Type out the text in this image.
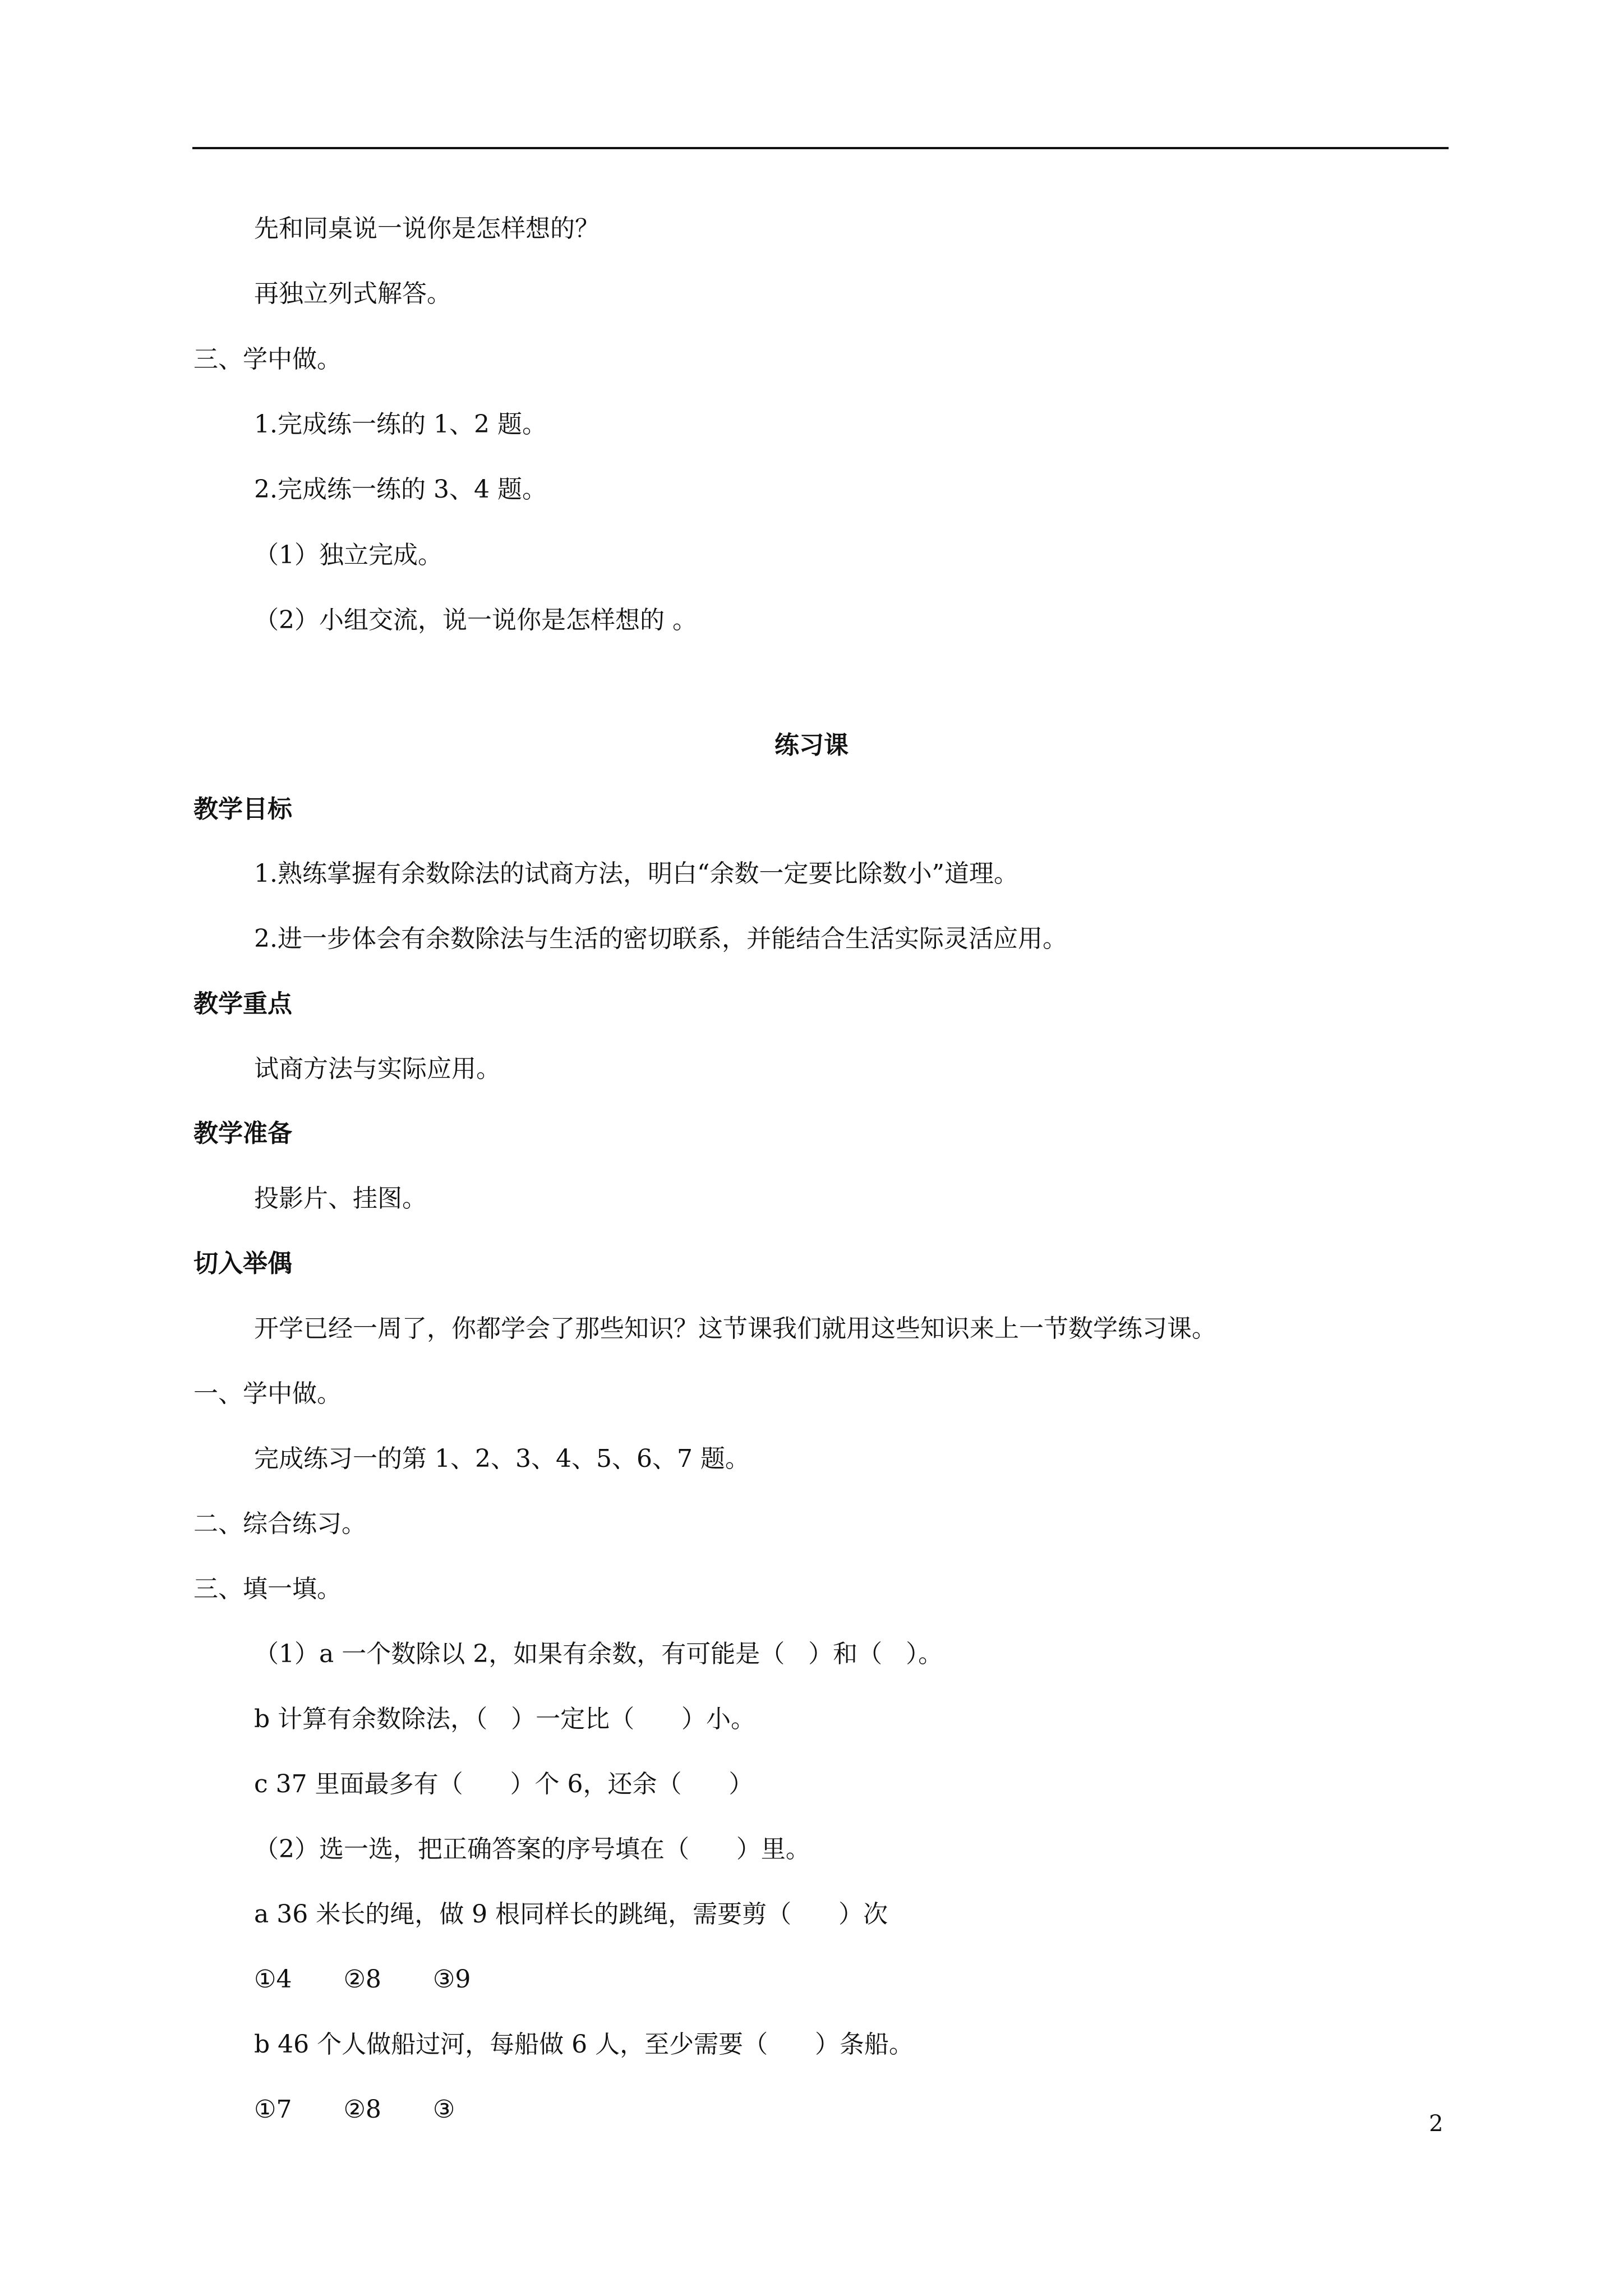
先和同桌说一说你是怎样想的？

再独立列式解答。

三、学中做。

1.完成练一练的 1、2 题。

2.完成练一练的 3、4 题。

（1）独立完成。

（2）小组交流，说一说你是怎样想的 。

练习课

教学目标

1.熟练掌握有余数除法的试商方法，明白“余数一定要比除数小”道理。

2.进一步体会有余数除法与生活的密切联系，并能结合生活实际灵活应用。

教学重点

试商方法与实际应用。

教学准备

投影片、挂图。

切入举偶

开学已经一周了，你都学会了那些知识？这节课我们就用这些知识来上一节数学练习课。

一、学中做。

完成练习一的第 1、2、3、4、5、6、7 题。

二、综合练习。

三、填一填。

（1）a 一个数除以 2，如果有余数，有可能是（   ）和（   ）。

b 计算有余数除法，（   ）一定比（      ）小。

c 37 里面最多有（      ）个 6，还余（      ）

（2）选一选，把正确答案的序号填在（      ）里。

a 36 米长的绳，做 9 根同样长的跳绳，需要剪（      ）次

①4 ②8 ③9

b 46 个人做船过河，每船做 6 人，至少需要（      ）条船。

①7 ②8 ③	2
